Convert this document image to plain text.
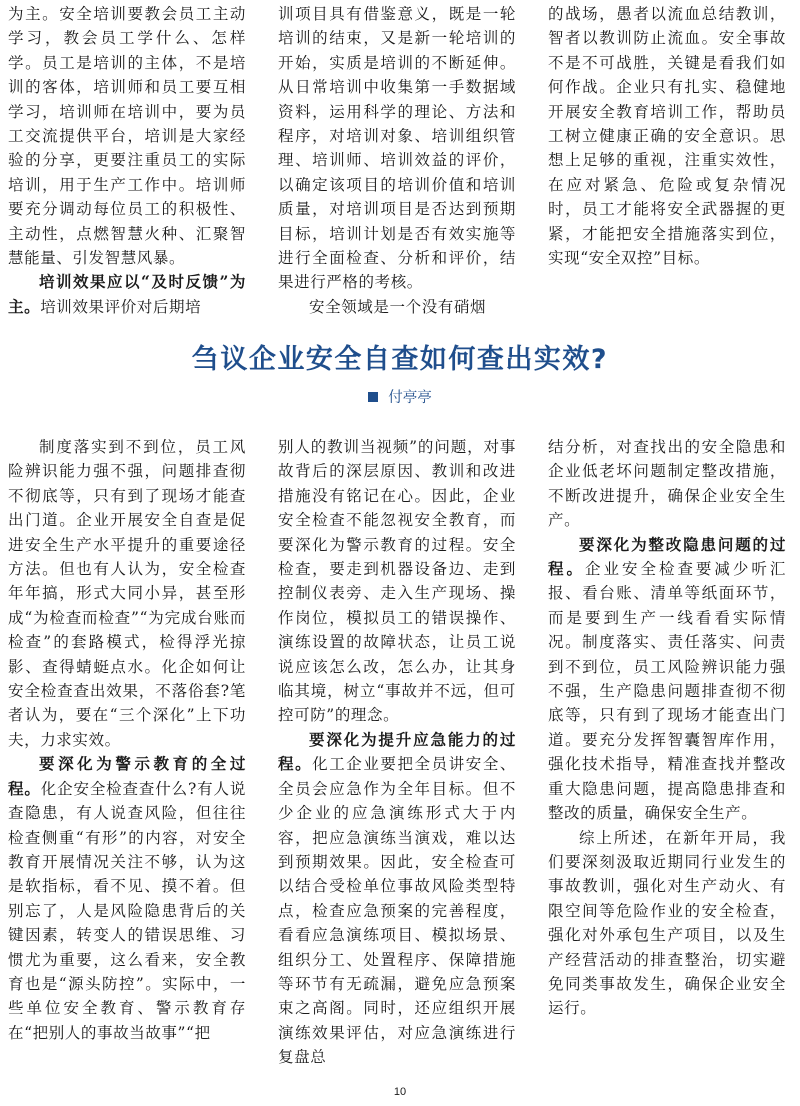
为主。安全培训要教会员工主动学习，教会员工学什么、怎样学。员工是培训的主体，不是培训的客体，培训师和员工要互相学习，培训师在培训中，要为员工交流提供平台，培训是大家经验的分享，更要注重员工的实际培训，用于生产工作中。培训师要充分调动每位员工的积极性、主动性，点燃智慧火种、汇聚智慧能量、引发智慧风暴。

培训效果应以“及时反馈”为主。培训效果评价对后期培

训项目具有借鉴意义，既是一轮培训的结束，又是新一轮培训的开始，实质是培训的不断延伸。从日常培训中收集第一手数据域资料，运用科学的理论、方法和程序，对培训对象、培训组织管理、培训师、培训效益的评价，以确定该项目的培训价值和培训质量，对培训项目是否达到预期目标，培训计划是否有效实施等进行全面检查、分析和评价，结果进行严格的考核。

安全领域是一个没有硝烟

的战场，愚者以流血总结教训，智者以教训防止流血。安全事故不是不可战胜，关键是看我们如何作战。企业只有扎实、稳健地开展安全教育培训工作，帮助员工树立健康正确的安全意识。思想上足够的重视，注重实效性，在应对紧急、危险或复杂情况时，员工才能将安全武器握的更紧，才能把安全措施落实到位，实现“安全双控”目标。

刍议企业安全自查如何查出实效?
付亭亭

制度落实到不到位，员工风险辨识能力强不强，问题排查彻不彻底等，只有到了现场才能查出门道。企业开展安全自查是促进安全生产水平提升的重要途径方法。但也有人认为，安全检查年年搞，形式大同小异，甚至形成“为检查而检查”“为完成台账而检查”的套路模式，检得浮光掠影、查得蜻蜓点水。化企如何让安全检查查出效果，不落俗套?笔者认为，要在“三个深化”上下功夫，力求实效。

要深化为警示教育的全过程。化企安全检查查什么?有人说查隐患，有人说查风险，但往往检查侧重“有形”的内容，对安全教育开展情况关注不够，认为这是软指标，看不见、摸不着。但别忘了，人是风险隐患背后的关键因素，转变人的错误思维、习惯尤为重要，这么看来，安全教育也是“源头防控”。实际中，一些单位安全教育、警示教育存在“把别人的事故当故事”“把

别人的教训当视频”的问题，对事故背后的深层原因、教训和改进措施没有铭记在心。因此，企业安全检查不能忽视安全教育，而要深化为警示教育的过程。安全检查，要走到机器设备边、走到控制仪表旁、走入生产现场、操作岗位，模拟员工的错误操作、演练设置的故障状态，让员工说说应该怎么改，怎么办，让其身临其境，树立“事故并不远，但可控可防”的理念。

要深化为提升应急能力的过程。化工企业要把全员讲安全、全员会应急作为全年目标。但不少企业的应急演练形式大于内容，把应急演练当演戏，难以达到预期效果。因此，安全检查可以结合受检单位事故风险类型特点，检查应急预案的完善程度，看看应急演练项目、模拟场景、组织分工、处置程序、保障措施等环节有无疏漏，避免应急预案束之高阁。同时，还应组织开展演练效果评估，对应急演练进行复盘总

结分析，对查找出的安全隐患和企业低老坏问题制定整改措施，不断改进提升，确保企业安全生产。

要深化为整改隐患问题的过程。企业安全检查要减少听汇报、看台账、清单等纸面环节，而是要到生产一线看看实际情况。制度落实、责任落实、问责到不到位，员工风险辨识能力强不强，生产隐患问题排查彻不彻底等，只有到了现场才能查出门道。要充分发挥智囊智库作用，强化技术指导，精准查找并整改重大隐患问题，提高隐患排查和整改的质量，确保安全生产。

综上所述，在新年开局，我们要深刻汲取近期同行业发生的事故教训，强化对生产动火、有限空间等危险作业的安全检查，强化对外承包生产项目，以及生产经营活动的排查整治，切实避免同类事故发生，确保企业安全运行。

10
